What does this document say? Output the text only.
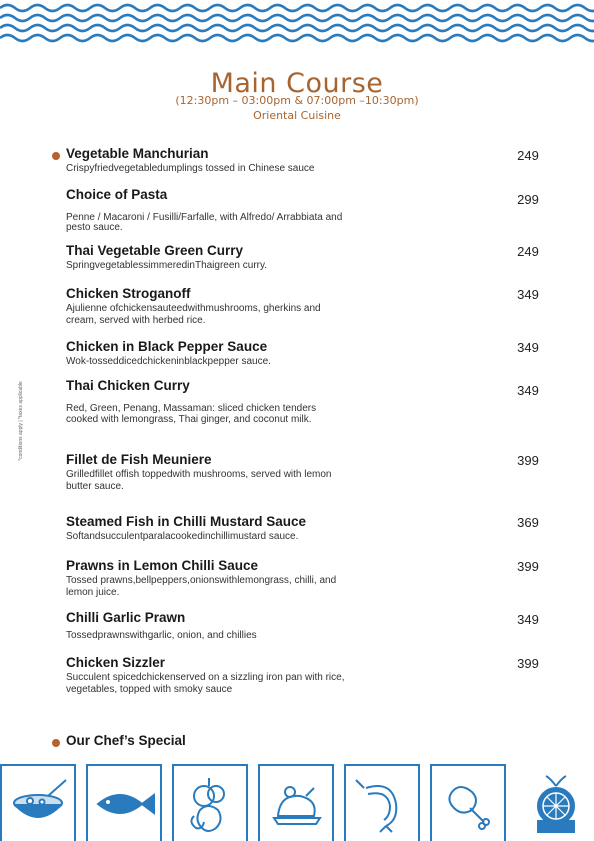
Main Course
(12:30pm – 03:00pm & 07:00pm –10:30pm)
Oriental Cuisine
*conditions apply | *taxes applicable
Vegetable Manchurian
Crispyfriedvegetabledumplings tossed in Chinese sauce
249
Choice of Pasta
Penne / Macaroni / Fusilli/Farfalle, with Alfredo/ Arrabbiata and pesto sauce.
299
Thai Vegetable Green Curry
SpringvegetablessimmeredinThaigreen curry.
249
Chicken Stroganoff
Ajulienne ofchickensauteedwithmushrooms, gherkins and cream, served with herbed rice.
349
Chicken in Black Pepper Sauce
Wok-tosseddicedchickeninblackpepper sauce.
349
Thai Chicken Curry
Red, Green, Penang, Massaman: sliced chicken tenders cooked with lemongrass, Thai ginger, and coconut milk.
349
Fillet de Fish Meuniere
Grilledfillet offish toppedwith mushrooms, served with lemon butter sauce.
399
Steamed Fish in Chilli Mustard Sauce
Softandsucculentparalacookedinchillimustard sauce.
369
Prawns in Lemon Chilli Sauce
Tossed prawns,bellpeppers,onionswithlemongrass, chilli, and lemon juice.
399
Chilli Garlic Prawn
Tossedprawnswithgarlic, onion, and chillies
349
Chicken Sizzler
Succulent spicedchickenserved on a sizzling iron pan with rice, vegetables, topped with smoky sauce
399
Our Chef’s Special
